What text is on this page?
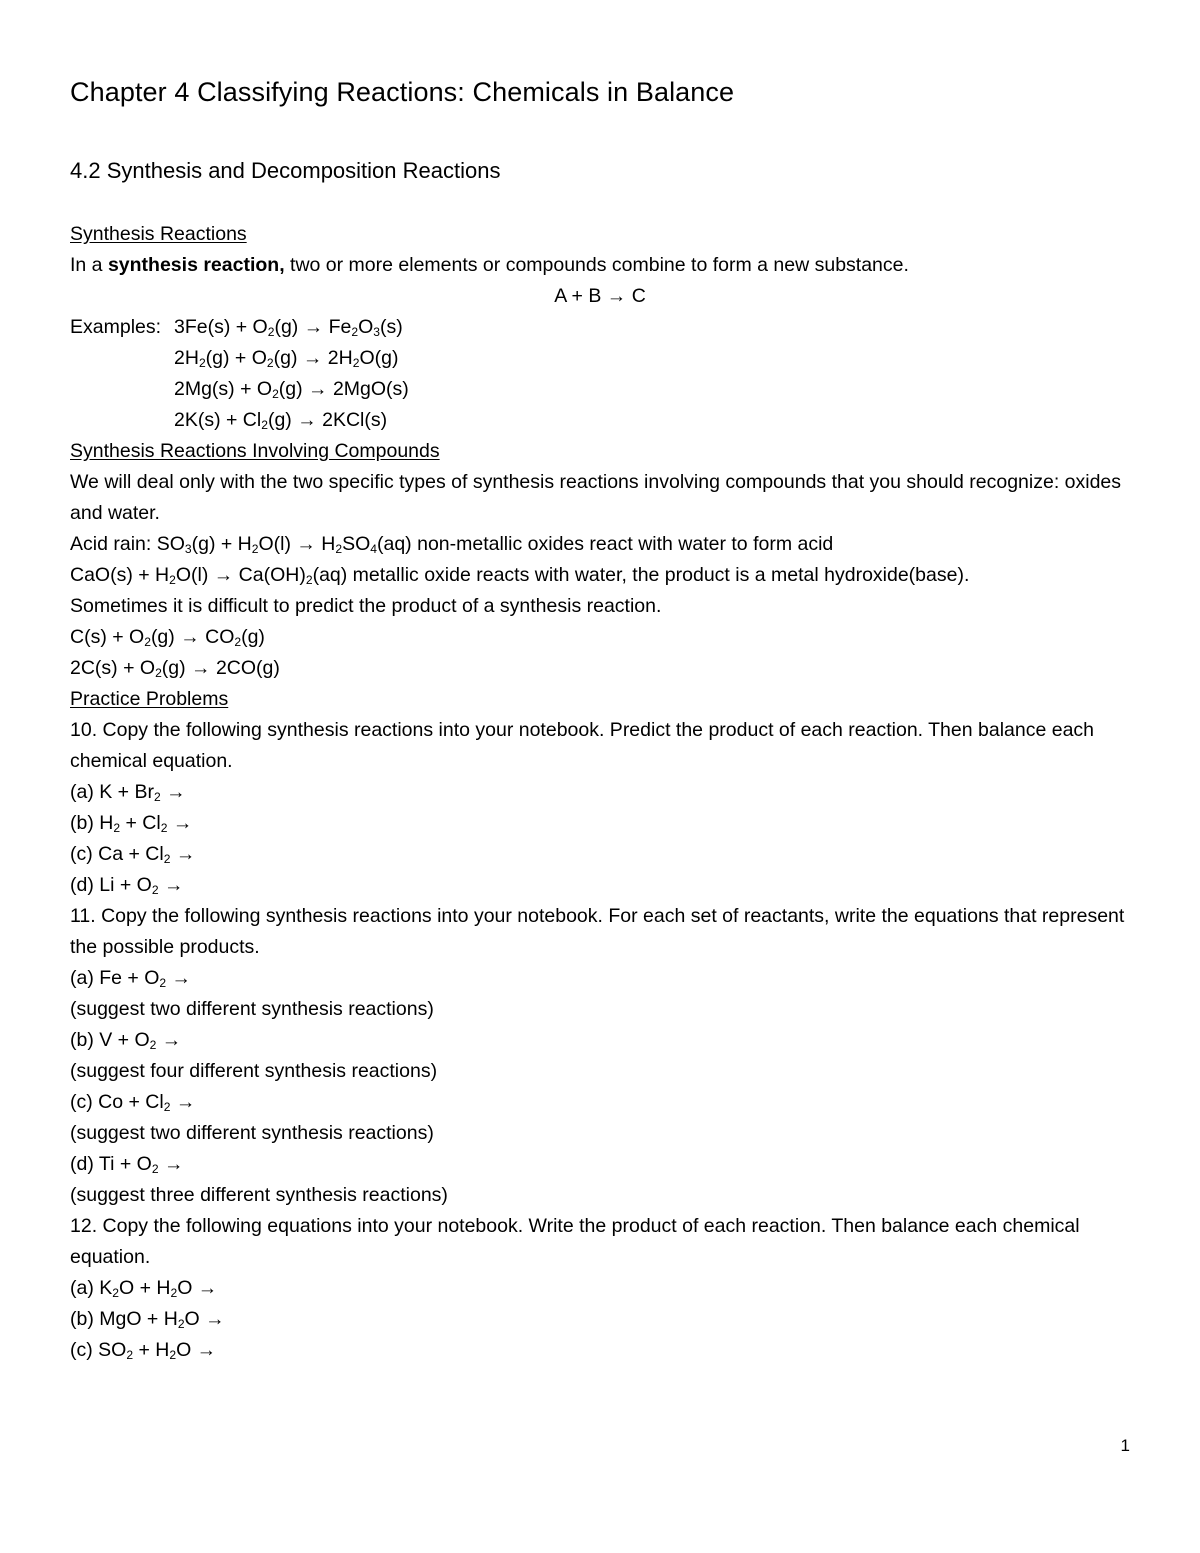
Chapter 4 Classifying Reactions: Chemicals in Balance
4.2 Synthesis and Decomposition Reactions
Synthesis Reactions
In a synthesis reaction, two or more elements or compounds combine to form a new substance.
A + B → C
Examples: $3Fe(s) + O_2(g) \to Fe_2O_3(s)$
$2H_2(g) + O_2(g) \to 2H_2O(g)$
$2Mg(s) + O_2(g) \to 2MgO(s)$
$2K(s) + Cl_2(g) \to 2KCl(s)$
Synthesis Reactions Involving Compounds
We will deal only with the two specific types of synthesis reactions involving compounds that you should recognize: oxides and water.
Acid rain: $SO_3(g) + H_2O(l) \to H_2SO_4(aq)$ non-metallic oxides react with water to form acid
$CaO(s) + H_2O(l) \to Ca(OH)_2(aq)$ metallic oxide reacts with water, the product is a metal hydroxide(base).
Sometimes it is difficult to predict the product of a synthesis reaction.
$C(s) + O_2(g) \to CO_2(g)$
$2C(s) + O_2(g) \to 2CO(g)$
Practice Problems
10. Copy the following synthesis reactions into your notebook. Predict the product of each reaction. Then balance each chemical equation.
(a) $K + Br_2$ →
(b) $H_2 + Cl_2$ →
(c) $Ca + Cl_2$ →
(d) $Li + O_2$ →
11. Copy the following synthesis reactions into your notebook. For each set of reactants, write the equations that represent the possible products.
(a) $Fe + O_2$ →
(suggest two different synthesis reactions)
(b) $V + O_2$ →
(suggest four different synthesis reactions)
(c) $Co + Cl_2$ →
(suggest two different synthesis reactions)
(d) $Ti + O_2$ →
(suggest three different synthesis reactions)
12. Copy the following equations into your notebook. Write the product of each reaction. Then balance each chemical equation.
(a) $K_2O + H_2O$ →
(b) MgO + $H_2O$ →
(c) $SO_2 + H_2O$ →
1
